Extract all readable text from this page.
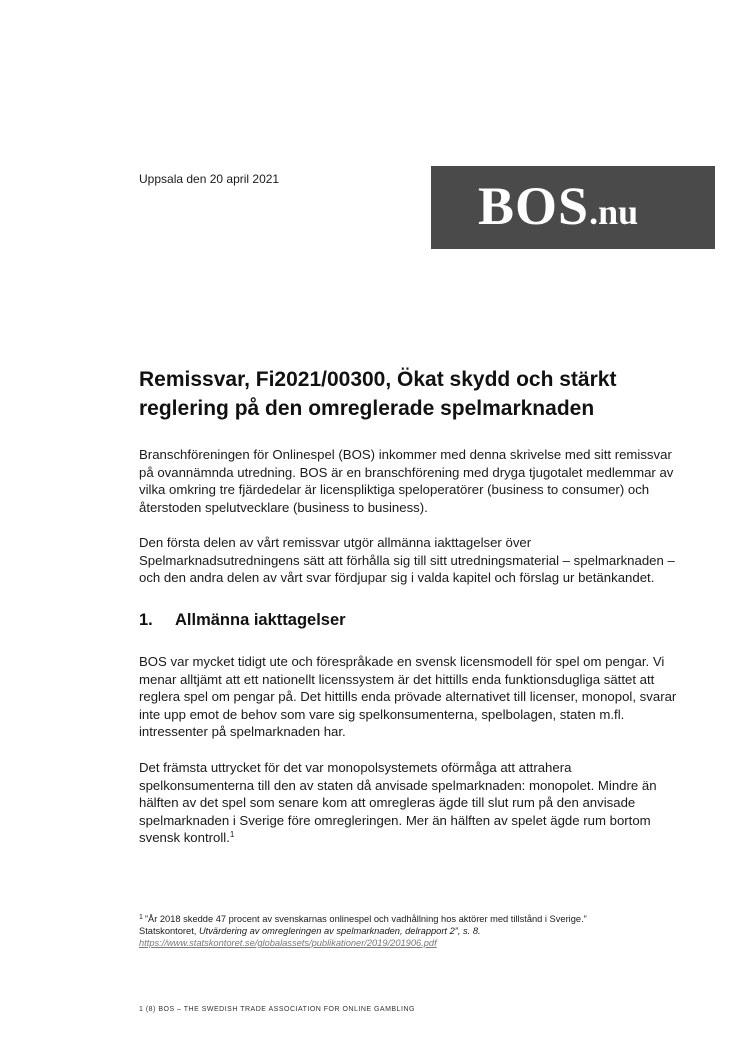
Uppsala den 20 april 2021	BOS.nu
Remissvar, Fi2021/00300, Ökat skydd och stärkt reglering på den omreglerade spelmarknaden

Branschföreningen för Onlinespel (BOS) inkommer med denna skrivelse med sitt remissvar på ovannämnda utredning. BOS är en branschförening med dryga tjugotalet medlemmar av vilka omkring tre fjärdedelar är licenspliktiga speloperatörer (business to consumer) och återstoden spelutvecklare (business to business).

Den första delen av vårt remissvar utgör allmänna iakttagelser över Spelmarknadsutredningens sätt att förhålla sig till sitt utredningsmaterial – spelmarknaden – och den andra delen av vårt svar fördjupar sig i valda kapitel och förslag ur betänkandet.

1. Allmänna iakttagelser

BOS var mycket tidigt ute och förespråkade en svensk licensmodell för spel om pengar. Vi menar alltjämt att ett nationellt licenssystem är det hittills enda funktionsdugliga sättet att reglera spel om pengar på. Det hittills enda prövade alternativet till licenser, monopol, svarar inte upp emot de behov som vare sig spelkonsumenterna, spelbolagen, staten m.fl. intressenter på spelmarknaden har.

Det främsta uttrycket för det var monopolsystemets oförmåga att attrahera spelkonsumenterna till den av staten då anvisade spelmarknaden: monopolet. Mindre än hälften av det spel som senare kom att omregleras ägde till slut rum på den anvisade spelmarknaden i Sverige före omregleringen. Mer än hälften av spelet ägde rum bortom svensk kontroll.$^1$

$^1$ ”År 2018 skedde 47 procent av svenskarnas onlinespel och vadhållning hos aktörer med tillstånd i Sverige.”
Statskontoret, Utvärdering av omregleringen av spelmarknaden, delrapport 2”, s. 8.
https://www.statskontoret.se/globalassets/publikationer/2019/201906.pdf

1 (8) BOS – THE SWEDISH TRADE ASSOCIATION FOR ONLINE GAMBLING
